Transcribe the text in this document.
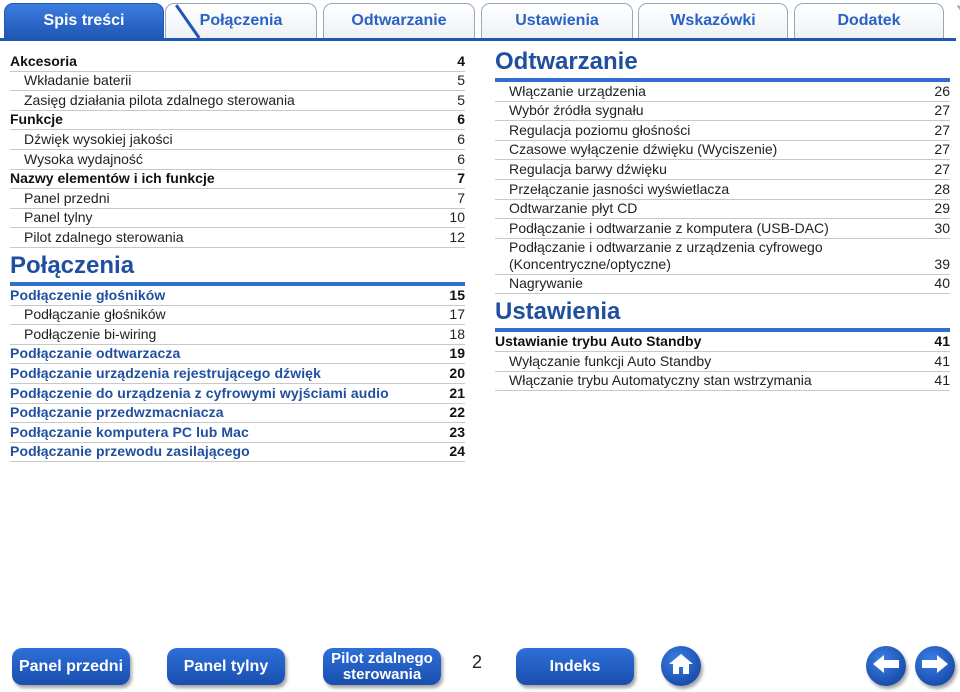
Spis treści	Połączenia	Odtwarzanie	Ustawienia	Wskazówki	Dodatek
Akcesoria	4
Wkładanie baterii	5
Zasięg działania pilota zdalnego sterowania	5
Funkcje	6
Dźwięk wysokiej jakości	6
Wysoka wydajność	6
Nazwy elementów i ich funkcje	7
Panel przedni	7
Panel tylny	10
Pilot zdalnego sterowania	12
Połączenia
Podłączenie głośników	15
Podłączanie głośników	17
Podłączenie bi-wiring	18
Podłączanie odtwarzacza	19
Podłączanie urządzenia rejestrującego dźwięk	20
Podłączenie do urządzenia z cyfrowymi wyjściami audio	21
Podłączanie przedwzmacniacza	22
Podłączanie komputera PC lub Mac	23
Podłączanie przewodu zasilającego	24
Odtwarzanie
Włączanie urządzenia	26
Wybór źródła sygnału	27
Regulacja poziomu głośności	27
Czasowe wyłączenie dźwięku (Wyciszenie)	27
Regulacja barwy dźwięku	27
Przełączanie jasności wyświetlacza	28
Odtwarzanie płyt CD	29
Podłączanie i odtwarzanie z komputera (USB-DAC)	30
Podłączanie i odtwarzanie z urządzenia cyfrowego (Koncentryczne/optyczne)	39
Nagrywanie	40
Ustawienia
Ustawianie trybu Auto Standby	41
Wyłączanie funkcji Auto Standby	41
Włączanie trybu Automatyczny stan wstrzymania	41
Panel przedni	Panel tylny	Pilot zdalnego sterowania
2	Indeks
